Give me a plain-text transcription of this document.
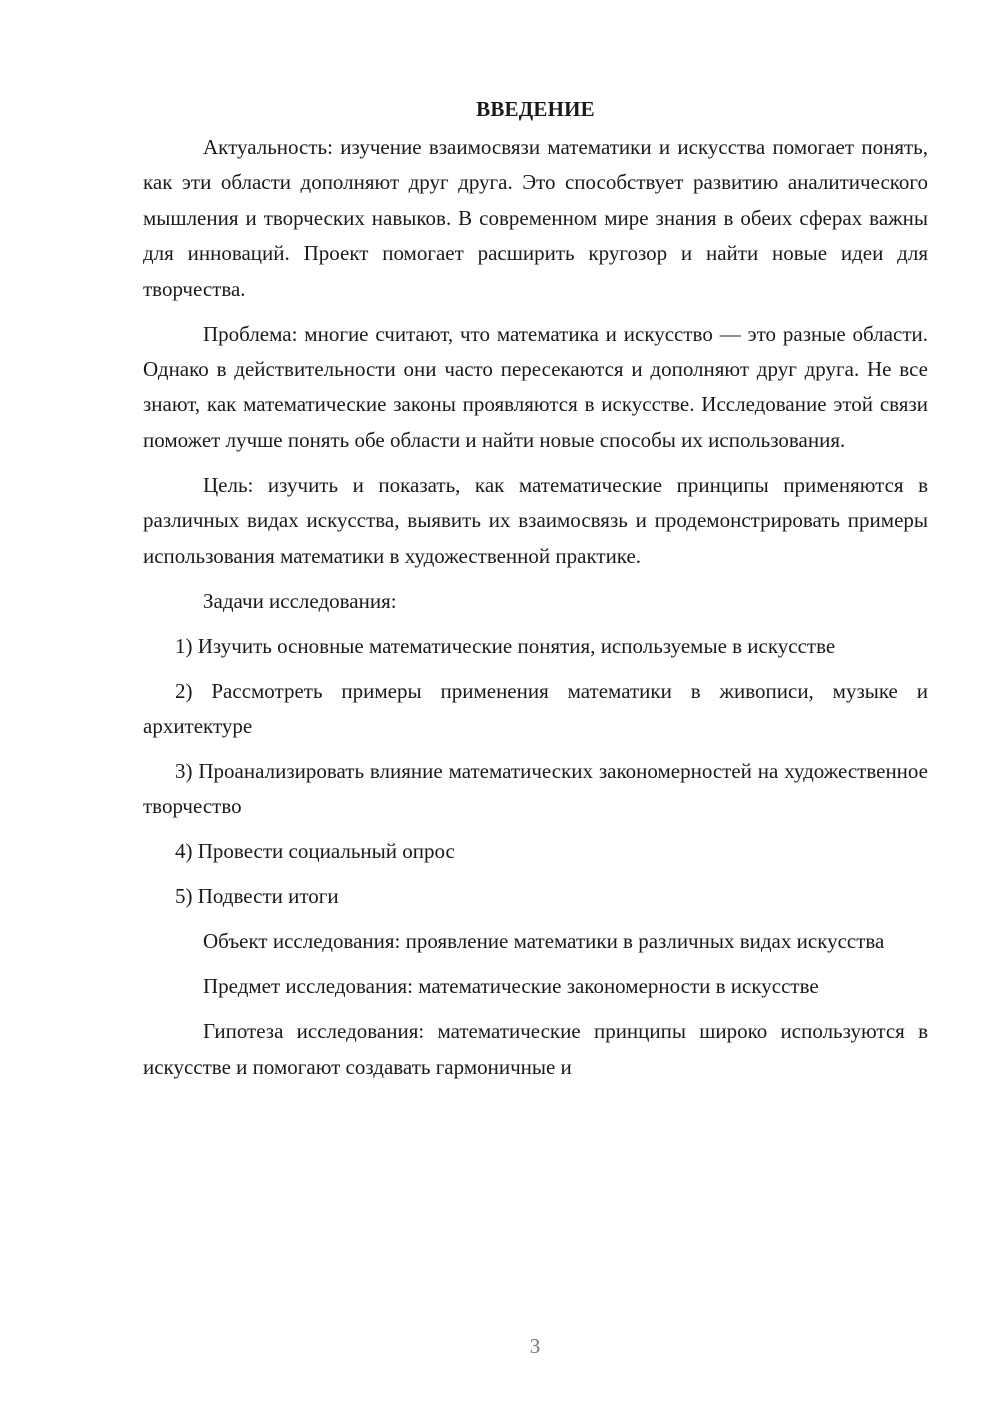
ВВЕДЕНИЕ

Актуальность: изучение взаимосвязи математики и искусства помогает понять, как эти области дополняют друг друга. Это способствует развитию аналитического мышления и творческих навыков. В современном мире знания в обеих сферах важны для инноваций. Проект помогает расширить кругозор и найти новые идеи для творчества.

Проблема: многие считают, что математика и искусство — это разные области. Однако в действительности они часто пересекаются и дополняют друг друга. Не все знают, как математические законы проявляются в искусстве. Исследование этой связи поможет лучше понять обе области и найти новые способы их использования.

Цель: изучить и показать, как математические принципы применяются в различных видах искусства, выявить их взаимосвязь и продемонстрировать примеры использования математики в художественной практике.

Задачи исследования:

1) Изучить основные математические понятия, используемые в искусстве

2) Рассмотреть примеры применения математики в живописи, музыке и архитектуре

3) Проанализировать влияние математических закономерностей на художественное творчество

4) Провести социальный опрос

5) Подвести итоги

Объект исследования: проявление математики в различных видах искусства

Предмет исследования: математические закономерности в искусстве

Гипотеза исследования: математические принципы широко используются в искусстве и помогают создавать гармоничные и

3
